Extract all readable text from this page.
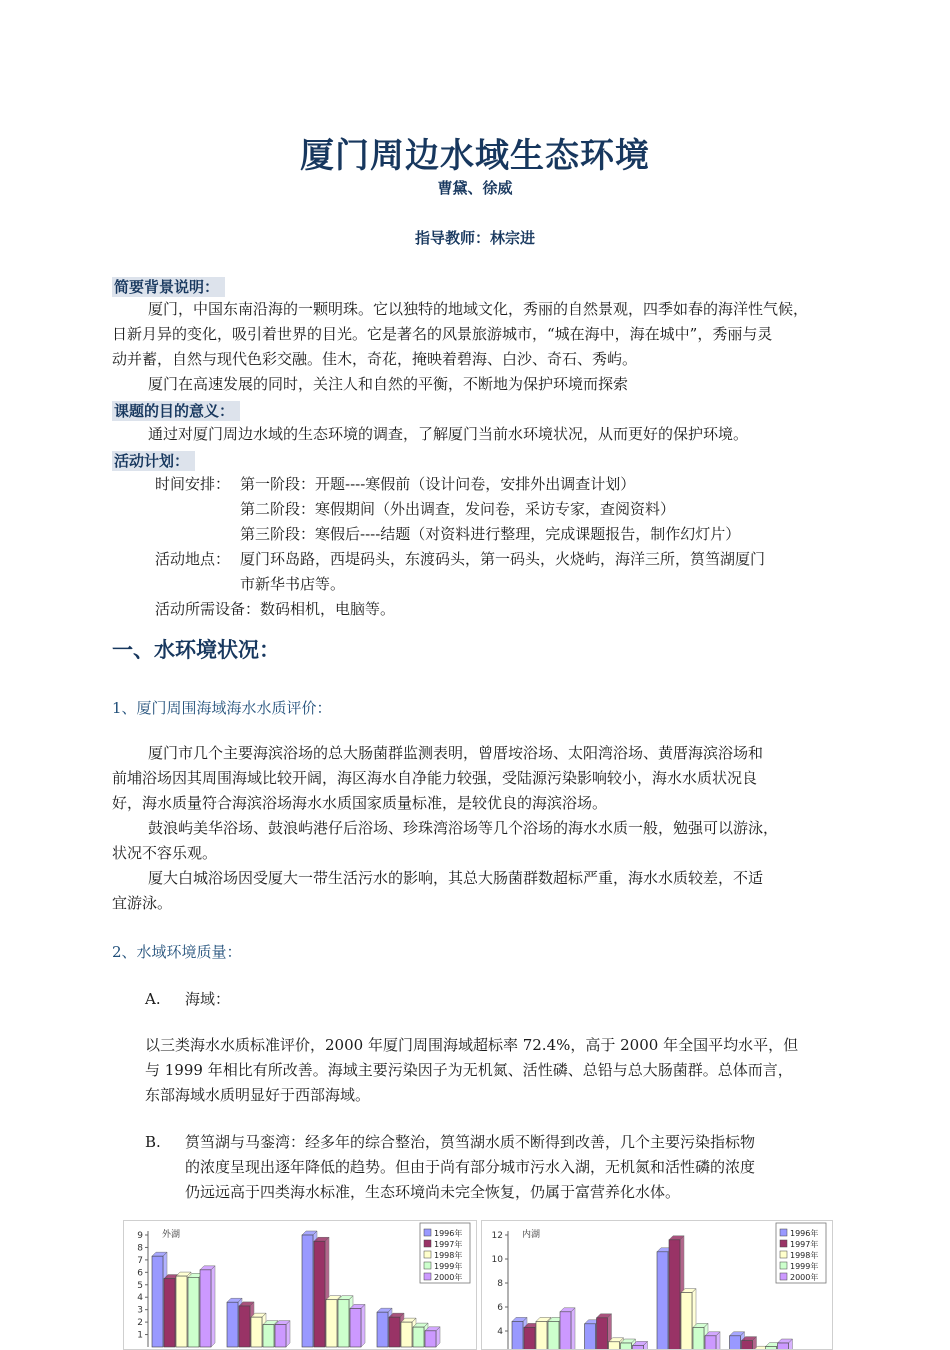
厦门周边水域生态环境
曹黛、徐威
指导教师：林宗进
简要背景说明：
厦门，中国东南沿海的一颗明珠。它以独特的地域文化，秀丽的自然景观，四季如春的海洋性气候，
日新月异的变化，吸引着世界的目光。它是著名的风景旅游城市，“城在海中，海在城中”，秀丽与灵
动并蓄，自然与现代色彩交融。佳木，奇花，掩映着碧海、白沙、奇石、秀屿。
厦门在高速发展的同时，关注人和自然的平衡，不断地为保护环境而探索
课题的目的意义：
通过对厦门周边水域的生态环境的调查，了解厦门当前水环境状况，从而更好的保护环境。
活动计划：
时间安排： 第一阶段：开题----寒假前（设计问卷，安排外出调查计划）
第二阶段：寒假期间（外出调查，发问卷，采访专家，查阅资料）
第三阶段：寒假后----结题（对资料进行整理，完成课题报告，制作幻灯片）
活动地点： 厦门环岛路，西堤码头，东渡码头，第一码头，火烧屿，海洋三所，筼筜湖厦门
市新华书店等。
活动所需设备：数码相机，电脑等。
一、水环境状况：
1、厦门周围海域海水水质评价：
厦门市几个主要海滨浴场的总大肠菌群监测表明，曾厝垵浴场、太阳湾浴场、黄厝海滨浴场和
前埔浴场因其周围海域比较开阔，海区海水自净能力较强，受陆源污染影响较小，海水水质状况良
好，海水质量符合海滨浴场海水水质国家质量标准，是较优良的海滨浴场。
鼓浪屿美华浴场、鼓浪屿港仔后浴场、珍珠湾浴场等几个浴场的海水水质一般，勉强可以游泳，
状况不容乐观。
厦大白城浴场因受厦大一带生活污水的影响，其总大肠菌群数超标严重，海水水质较差，不适
宜游泳。
2、水域环境质量：
A. 海域：
以三类海水水质标准评价，2000 年厦门周围海域超标率 72.4%，高于 2000 年全国平均水平，但
与 1999 年相比有所改善。海域主要污染因子为无机氮、活性磷、总铅与总大肠菌群。总体而言，
东部海域水质明显好于西部海域。
B. 筼筜湖与马銮湾：经多年的综合整治，筼筜湖水质不断得到改善，几个主要污染指标物
的浓度呈现出逐年降低的趋势。但由于尚有部分城市污水入湖，无机氮和活性磷的浓度
仍远远高于四类海水标准，生态环境尚未完全恢复，仍属于富营养化水体。
外湖
1
2
3
4
5
6
7
8
9	1996年
1997年
1998年
1999年
2000年
内湖
4
6
8
10
12	1996年
1997年
1998年
1999年
2000年
